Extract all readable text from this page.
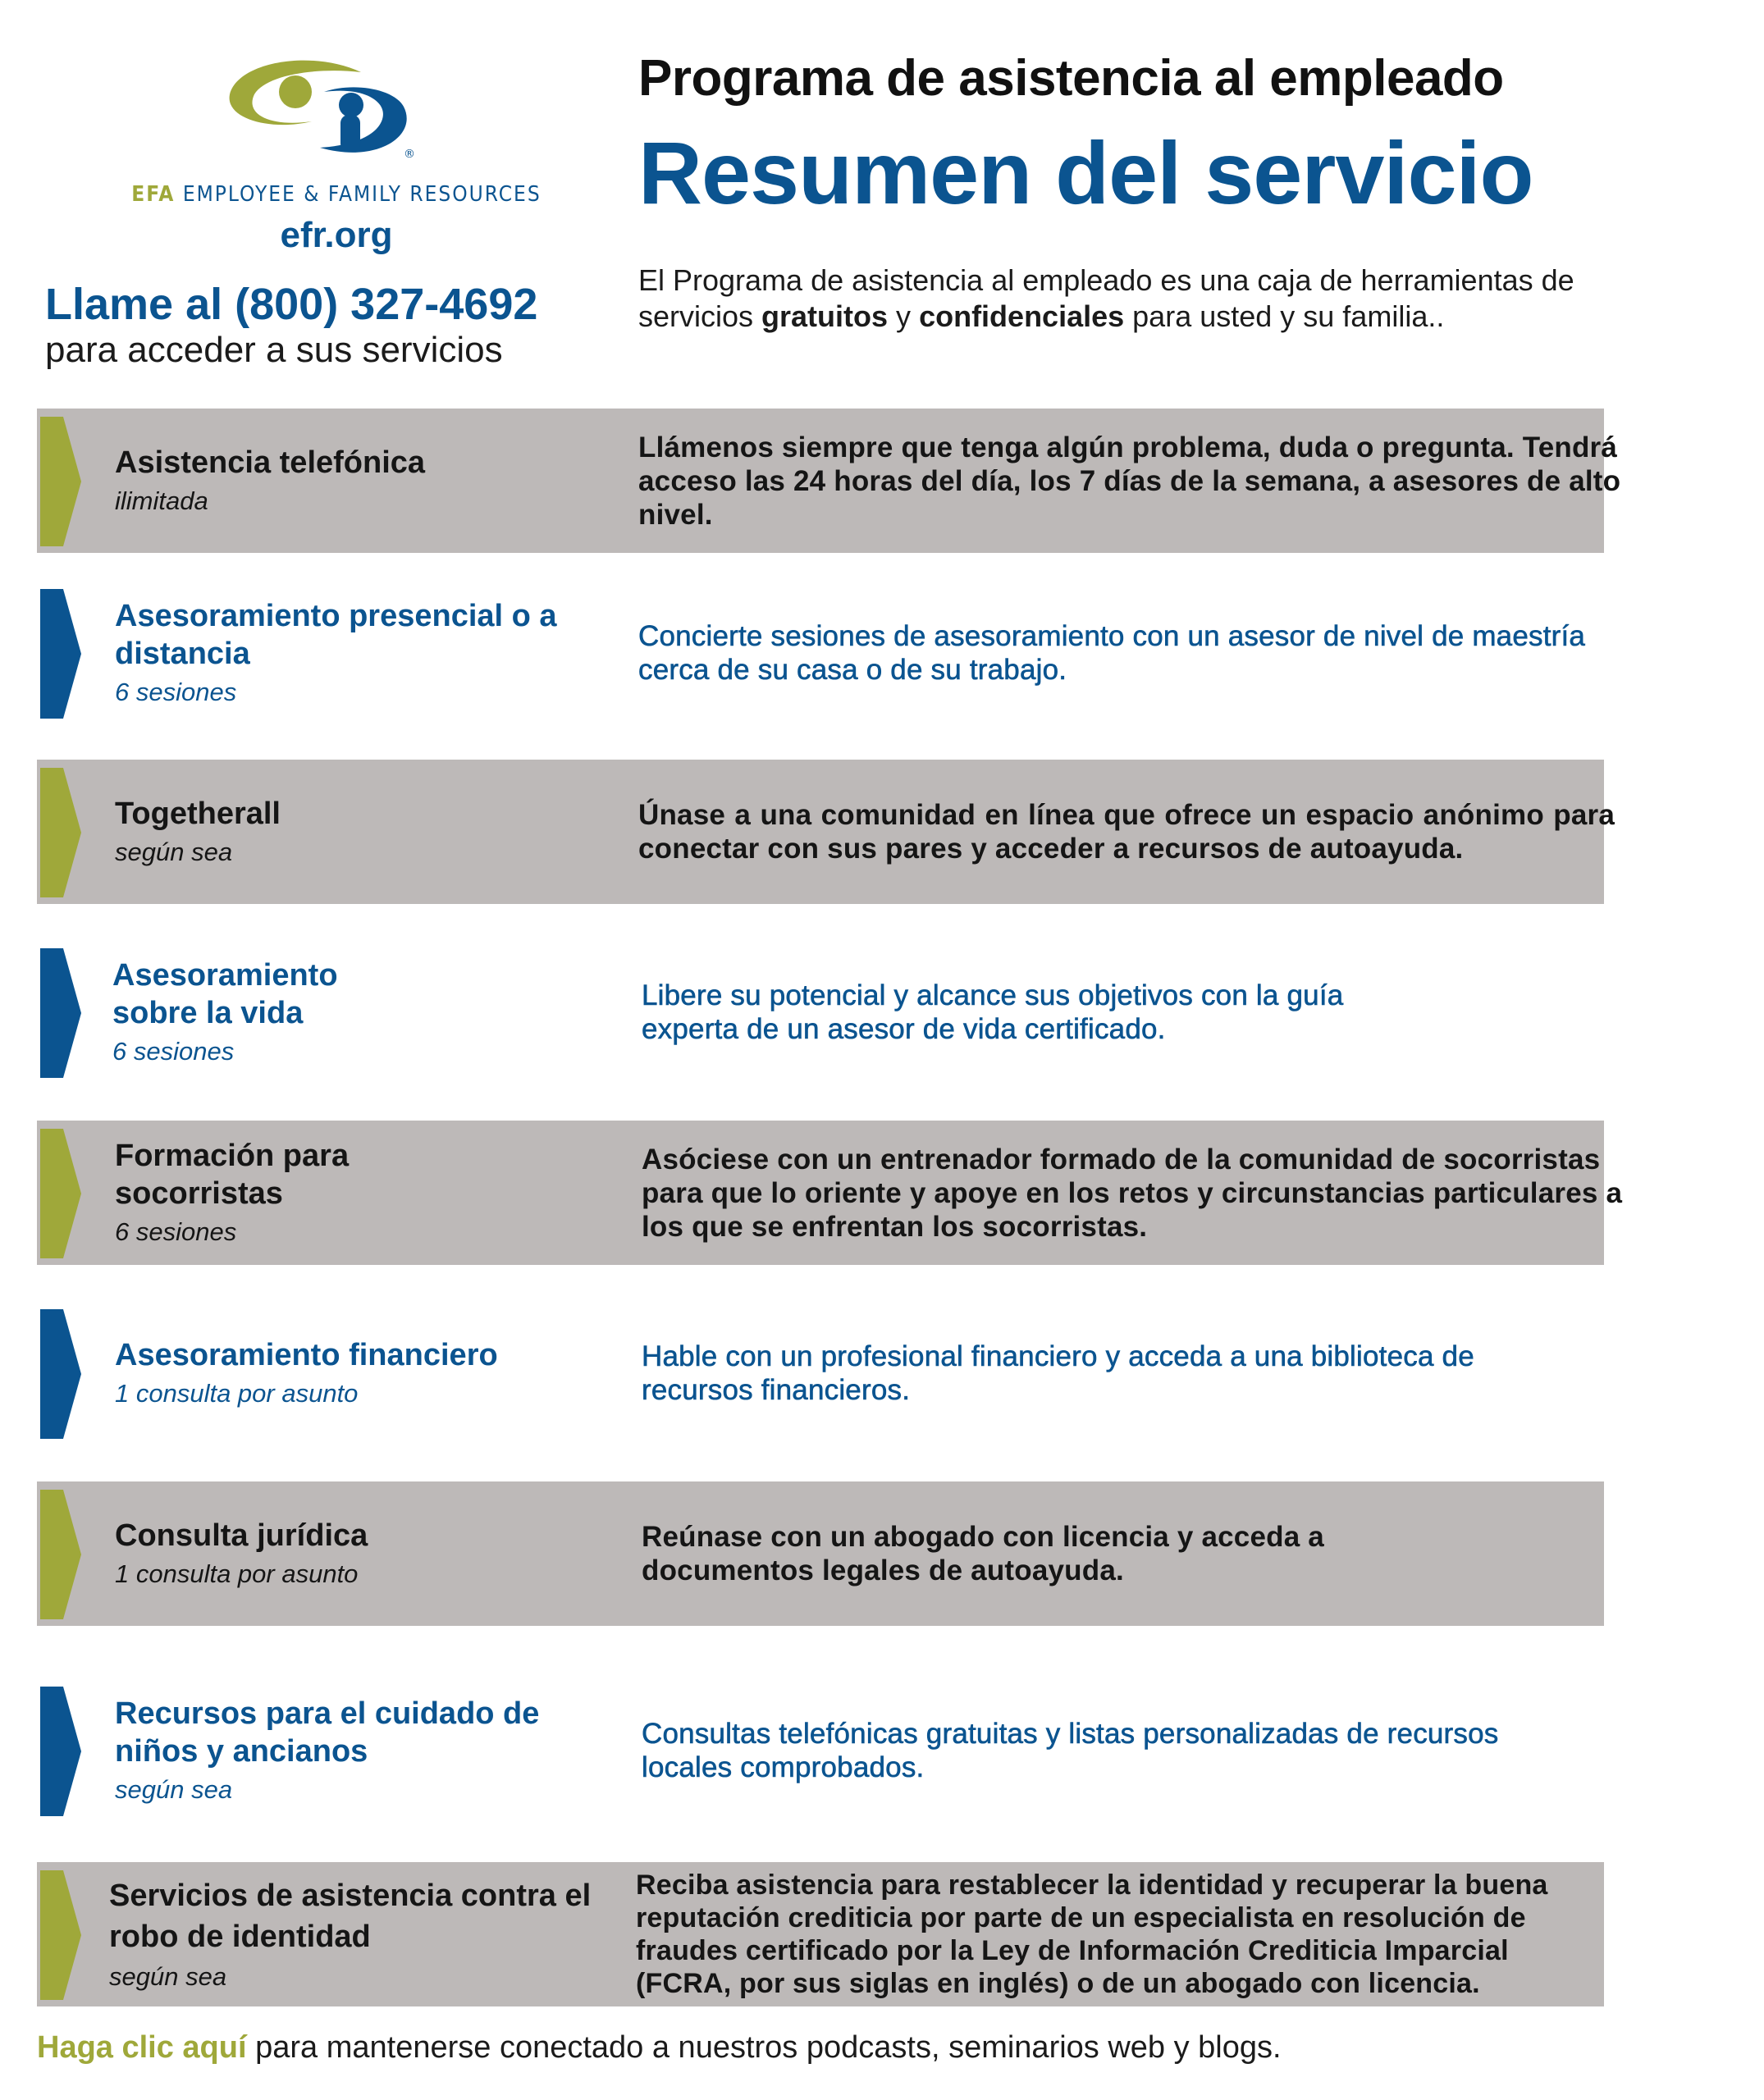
®
EFA EMPLOYEE & FAMILY RESOURCES
efr.org
Llame al (800) 327-4692
para acceder a sus servicios
Programa de asistencia al empleado
Resumen del servicio
El Programa de asistencia al empleado es una caja de herramientas de servicios gratuitos y confidenciales para usted y su familia..
Asistencia telefónica
ilimitada
Llámenos siempre que tenga algún problema, duda o pregunta. Tendrá acceso las 24 horas del día, los 7 días de la semana, a asesores de alto nivel.
Asesoramiento presencial o a distancia
6 sesiones
Concierte sesiones de asesoramiento con un asesor de nivel de maestría cerca de su casa o de su trabajo.
Togetherall
según sea
Únase a una comunidad en línea que ofrece un espacio anónimo para conectar con sus pares y acceder a recursos de autoayuda.
Asesoramiento sobre la vida
6 sesiones
Libere su potencial y alcance sus objetivos con la guía experta de un asesor de vida certificado.
Formación para socorristas
6 sesiones
Asóciese con un entrenador formado de la comunidad de socorristas para que lo oriente y apoye en los retos y circunstancias particulares a los que se enfrentan los socorristas.
Asesoramiento financiero
1 consulta por asunto
Hable con un profesional financiero y acceda a una biblioteca de recursos financieros.
Consulta jurídica
1 consulta por asunto
Reúnase con un abogado con licencia y acceda a documentos legales de autoayuda.
Recursos para el cuidado de niños y ancianos
según sea
Consultas telefónicas gratuitas y listas personalizadas de recursos locales comprobados.
Servicios de asistencia contra el robo de identidad
según sea
Reciba asistencia para restablecer la identidad y recuperar la buena reputación crediticia por parte de un especialista en resolución de fraudes certificado por la Ley de Información Crediticia Imparcial (FCRA, por sus siglas en inglés) o de un abogado con licencia.
Haga clic aquí para mantenerse conectado a nuestros podcasts, seminarios web y blogs.
